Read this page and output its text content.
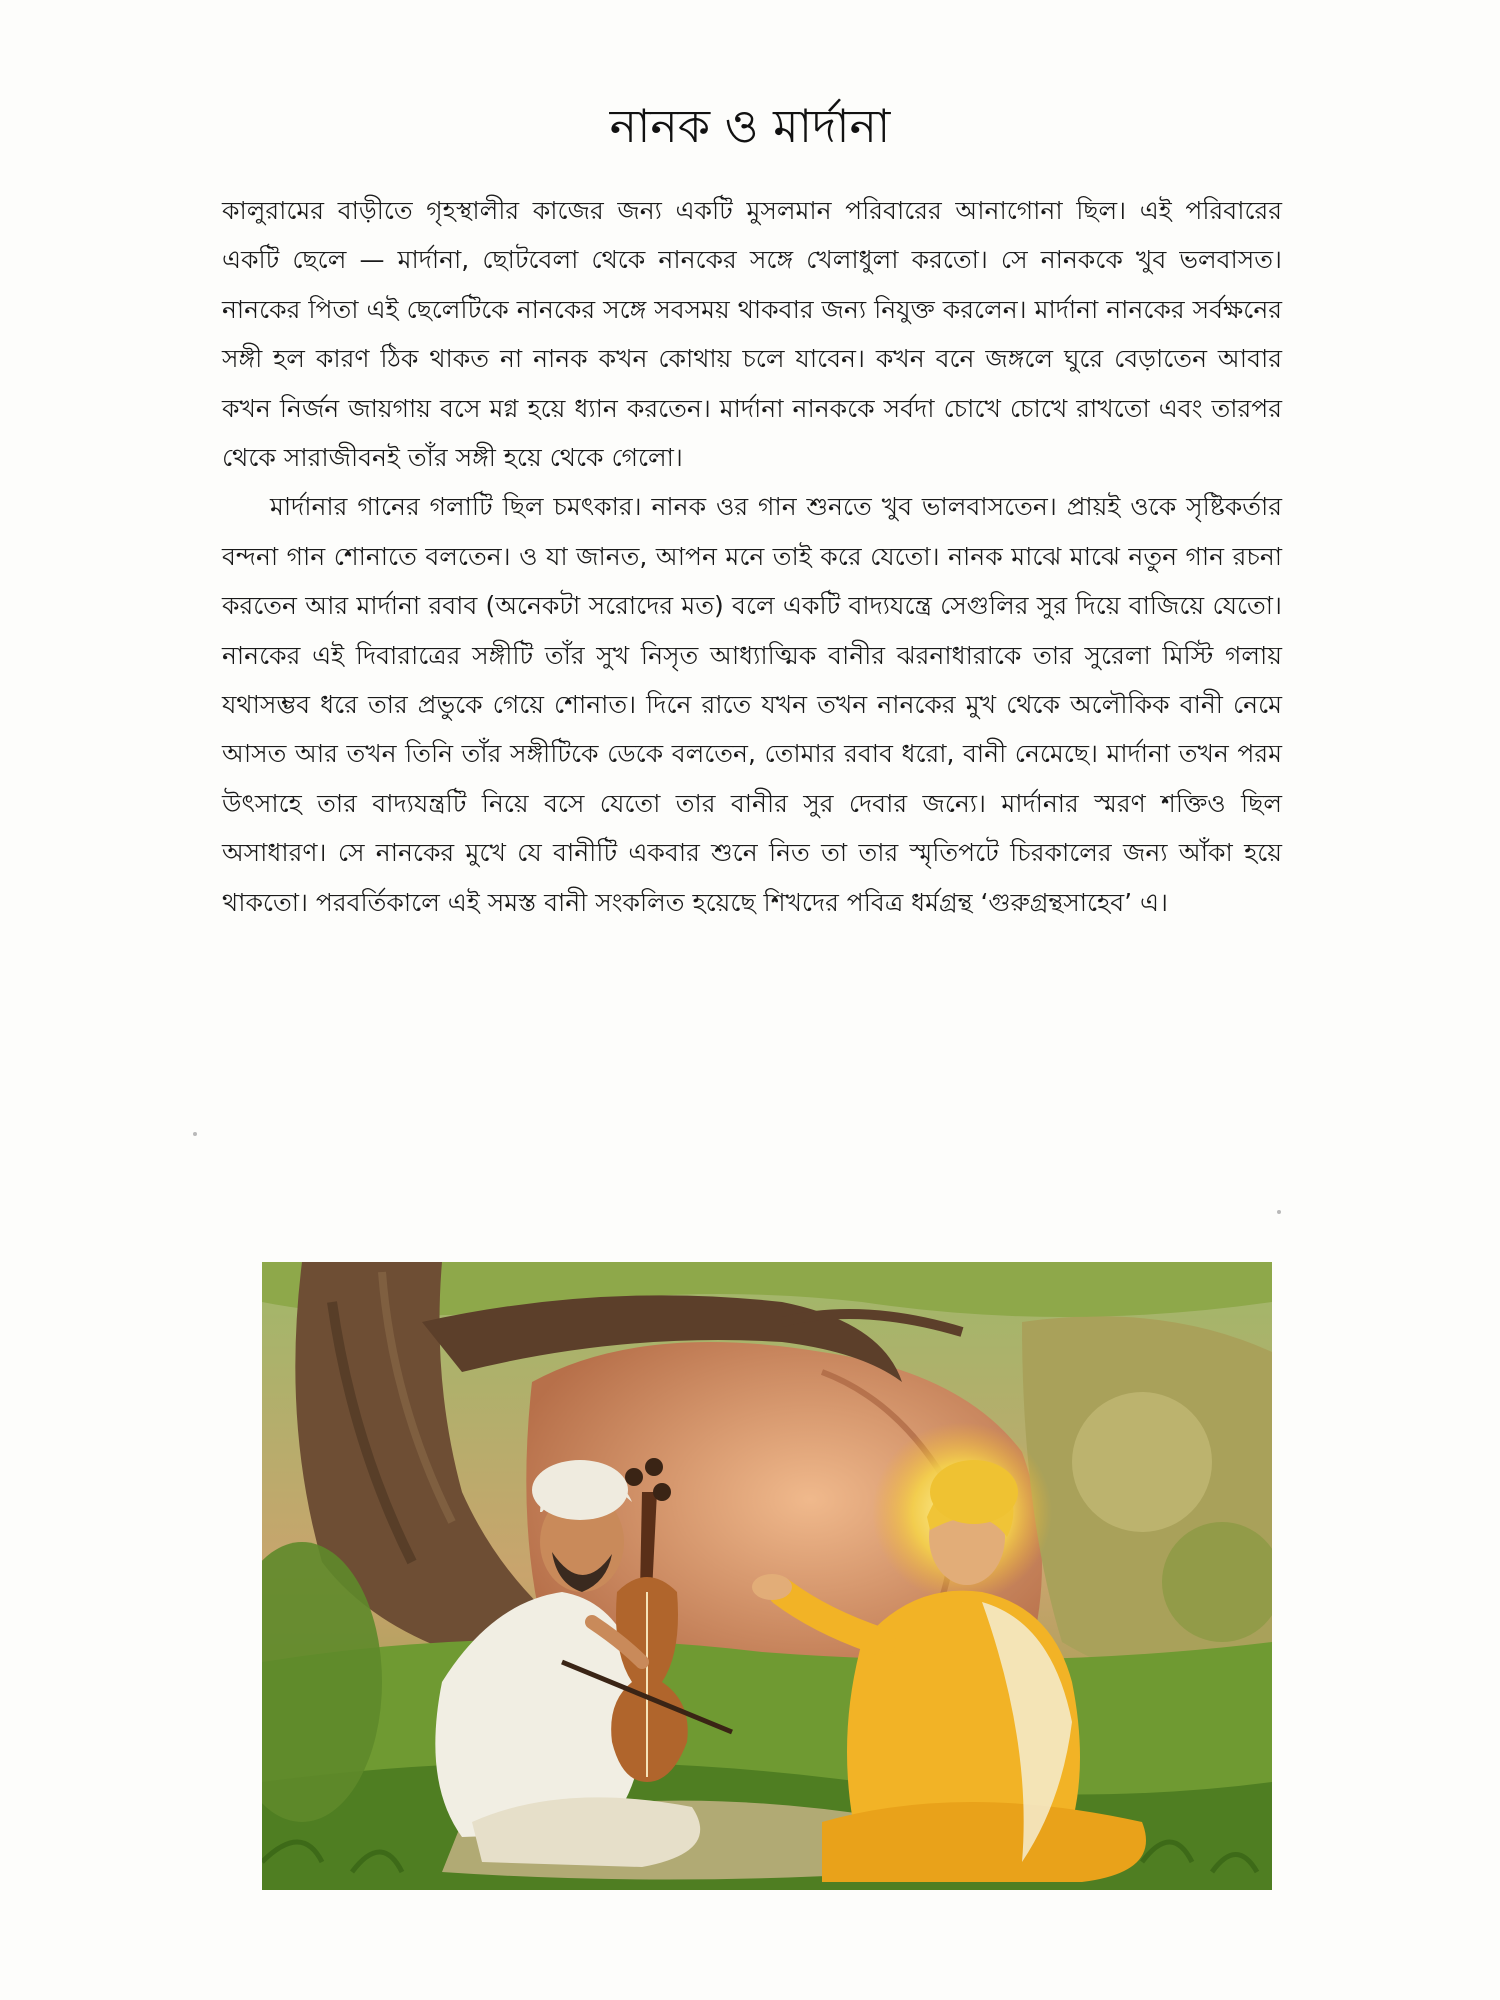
নানক ও মার্দানা

কালুরামের বাড়ীতে গৃহস্থালীর কাজের জন্য একটি মুসলমান পরিবারের আনাগোনা ছিল। এই পরিবারের একটি ছেলে — মার্দানা, ছোটবেলা থেকে নানকের সঙ্গে খেলাধুলা করতো। সে নানককে খুব ভলবাসত। নানকের পিতা এই ছেলেটিকে নানকের সঙ্গে সবসময় থাকবার জন্য নিযুক্ত করলেন। মার্দানা নানকের সর্বক্ষনের সঙ্গী হল কারণ ঠিক থাকত না নানক কখন কোথায় চলে যাবেন। কখন বনে জঙ্গলে ঘুরে বেড়াতেন আবার কখন নির্জন জায়গায় বসে মগ্ন হয়ে ধ্যান করতেন। মার্দানা নানককে সর্বদা চোখে চোখে রাখতো এবং তারপর থেকে সারাজীবনই তাঁর সঙ্গী হয়ে থেকে গেলো।

মার্দানার গানের গলাটি ছিল চমৎকার। নানক ওর গান শুনতে খুব ভালবাসতেন। প্রায়ই ওকে সৃষ্টিকর্তার বন্দনা গান শোনাতে বলতেন। ও যা জানত, আপন মনে তাই করে যেতো। নানক মাঝে মাঝে নতুন গান রচনা করতেন আর মার্দানা রবাব (অনেকটা সরোদের মত) বলে একটি বাদ্যযন্ত্রে সেগুলির সুর দিয়ে বাজিয়ে যেতো। নানকের এই দিবারাত্রের সঙ্গীটি তাঁর সুখ নিসৃত আধ্যাত্মিক বানীর ঝরনাধারাকে তার সুরেলা মিস্টি গলায় যথাসম্ভব ধরে তার প্রভুকে গেয়ে শোনাত। দিনে রাতে যখন তখন নানকের মুখ থেকে অলৌকিক বানী নেমে আসত আর তখন তিনি তাঁর সঙ্গীটিকে ডেকে বলতেন, তোমার রবাব ধরো, বানী নেমেছে। মার্দানা তখন পরম উৎসাহে তার বাদ্যযন্ত্রটি নিয়ে বসে যেতো তার বানীর সুর দেবার জন্যে। মার্দানার স্মরণ শক্তিও ছিল অসাধারণ। সে নানকের মুখে যে বানীটি একবার শুনে নিত তা তার স্মৃতিপটে চিরকালের জন্য আঁকা হয়ে থাকতো। পরবর্তিকালে এই সমস্ত বানী সংকলিত হয়েছে শিখদের পবিত্র ধর্মগ্রন্থ ‘গুরুগ্রন্থসাহেব’ এ।
